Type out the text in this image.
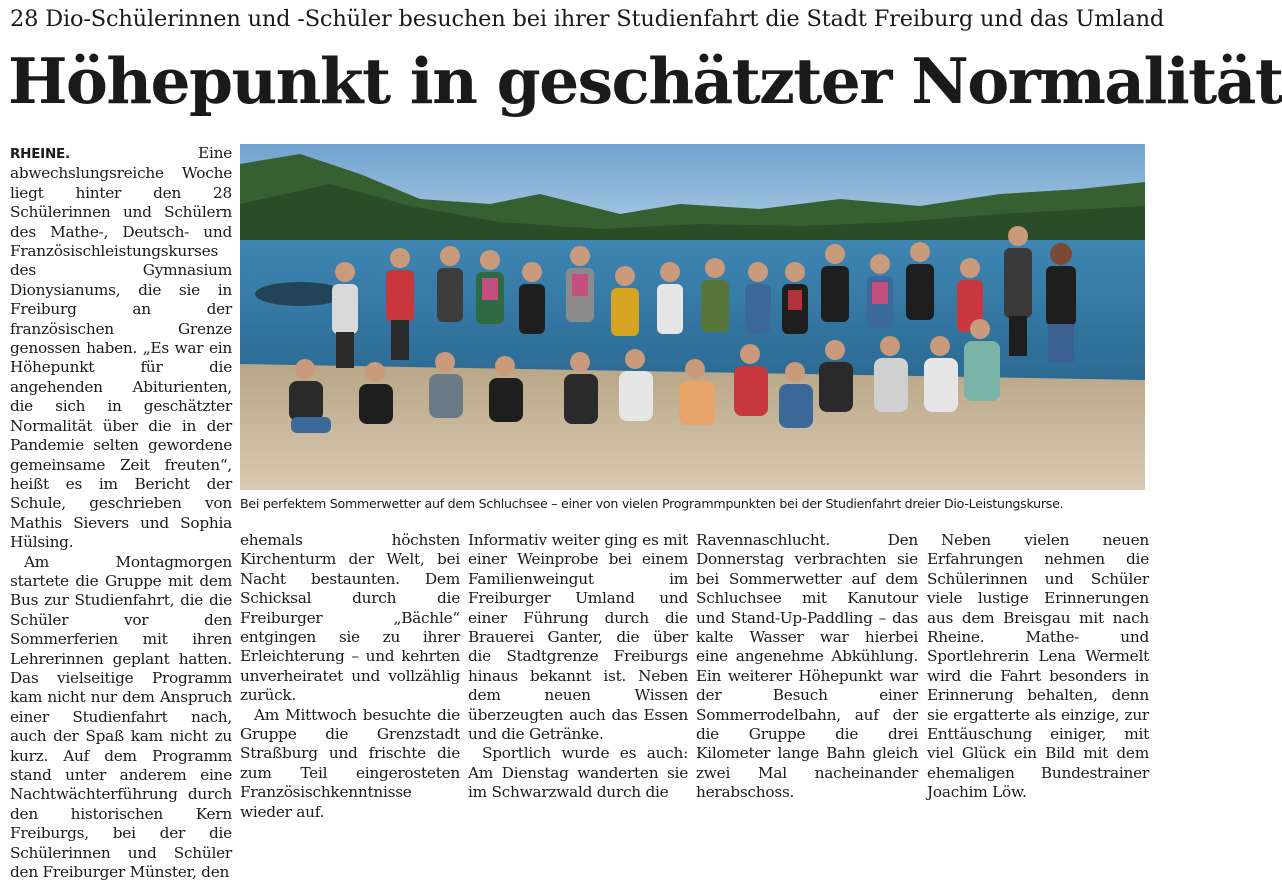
28 Dio-Schülerinnen und -Schüler besuchen bei ihrer Studienfahrt die Stadt Freiburg und das Umland
Höhepunkt in geschätzter Normalität

RHEINE.	Eine abwechslungsreiche Woche liegt hinter den 28 Schülerinnen und Schülern des Mathe-, Deutsch- und Französischleistungskurses des Gymnasium Dionysianums, die sie in Freiburg an der französischen Grenze genossen haben. „Es war ein Höhepunkt für die angehenden Abiturienten, die sich in geschätzter Normalität über die in der Pandemie selten gewordene gemeinsame Zeit freuten“, heißt es im Bericht der Schule, geschrieben von Mathis Sievers und Sophia Hülsing.

Am Montagmorgen startete die Gruppe mit dem Bus zur Studienfahrt, die die Schüler vor den Sommerferien mit ihren Lehrerinnen geplant hatten. Das vielseitige Programm kam nicht nur dem Anspruch einer Studienfahrt nach, auch der Spaß kam nicht zu kurz. Auf dem Programm stand unter anderem eine Nachtwächterführung durch den historischen Kern Freiburgs, bei der die Schülerinnen und Schüler den Freiburger Münster, den

Bei perfektem Sommerwetter auf dem Schluchsee – einer von vielen Programmpunkten bei der Studienfahrt dreier Dio-Leistungskurse.

ehemals höchsten Kirchenturm der Welt, bei Nacht bestaunten. Dem Schicksal durch die Freiburger „Bächle“ entgingen sie zu ihrer Erleichterung – und kehrten unverheiratet und vollzählig zurück.

Am Mittwoch besuchte die Gruppe die Grenzstadt Straßburg und frischte die zum Teil eingerosteten Französischkenntnisse wieder auf.

Informativ weiter ging es mit einer Weinprobe bei einem Familienweingut im Freiburger Umland und einer Führung durch die Brauerei Ganter, die über die Stadtgrenze Freiburgs hinaus bekannt ist. Neben dem neuen Wissen überzeugten auch das Essen und die Getränke.

Sportlich wurde es auch: Am Dienstag wanderten sie im Schwarzwald durch die

Ravennaschlucht. Den Donnerstag verbrachten sie bei Sommerwetter auf dem Schluchsee mit Kanutour und Stand-Up-Paddling – das kalte Wasser war hierbei eine angenehme Abkühlung. Ein weiterer Höhepunkt war der Besuch einer Sommerrodelbahn, auf der die Gruppe die drei Kilometer lange Bahn gleich zwei Mal nacheinander herabschoss.

Neben vielen neuen Erfahrungen nehmen die Schülerinnen und Schüler viele lustige Erinnerungen aus dem Breisgau mit nach Rheine. Mathe- und Sportlehrerin Lena Wermelt wird die Fahrt besonders in Erinnerung behalten, denn sie ergatterte als einzige, zur Enttäuschung einiger, mit viel Glück ein Bild mit dem ehemaligen Bundestrainer Joachim Löw.
